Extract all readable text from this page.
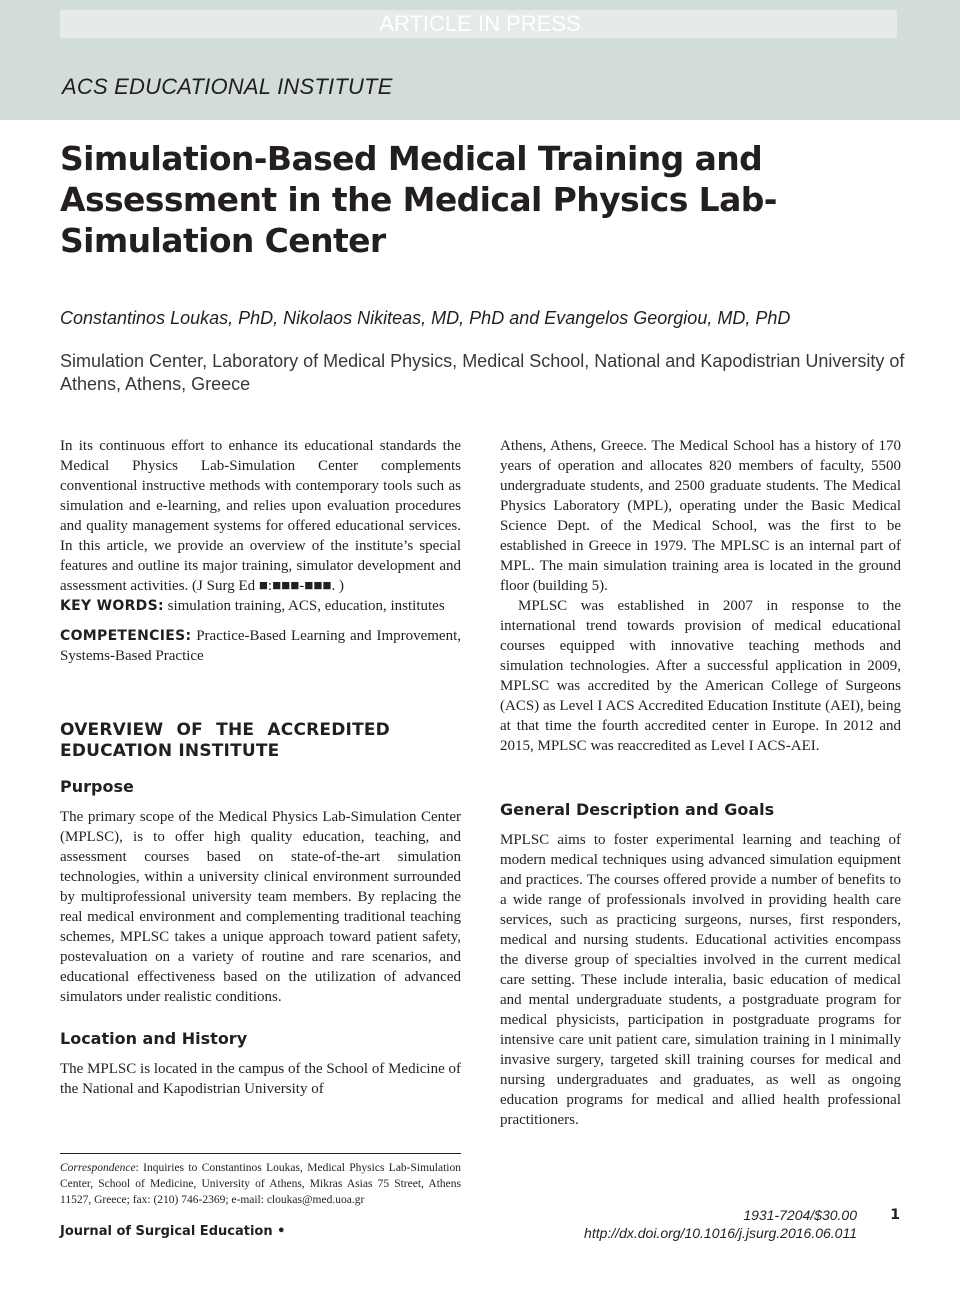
ARTICLE IN PRESS
ACS EDUCATIONAL INSTITUTE
Simulation-Based Medical Training and Assessment in the Medical Physics Lab-Simulation Center
Constantinos Loukas, PhD, Nikolaos Nikiteas, MD, PhD and Evangelos Georgiou, MD, PhD
Simulation Center, Laboratory of Medical Physics, Medical School, National and Kapodistrian University of Athens, Athens, Greece

In its continuous effort to enhance its educational standards the Medical Physics Lab-Simulation Center complements conventional instructive methods with contemporary tools such as simulation and e-learning, and relies upon evaluation procedures and quality management systems for offered educational services. In this article, we provide an overview of the institute’s special features and outline its major training, simulator development and assessment activities. (J Surg Ed ■:■■■-■■■. )

KEY WORDS: simulation training, ACS, education, institutes

COMPETENCIES: Practice-Based Learning and Improvement, Systems-Based Practice

OVERVIEW OF THE ACCREDITED EDUCATION INSTITUTE
Purpose

The primary scope of the Medical Physics Lab-Simulation Center (MPLSC), is to offer high quality education, teaching, and assessment courses based on state-of-the-art simulation technologies, within a university clinical environment surrounded by multiprofessional university team members. By replacing the real medical environment and complementing traditional teaching schemes, MPLSC takes a unique approach toward patient safety, postevaluation on a variety of routine and rare scenarios, and educational effectiveness based on the utilization of advanced simulators under realistic conditions.

Location and History

The MPLSC is located in the campus of the School of Medicine of the National and Kapodistrian University of

Athens, Athens, Greece. The Medical School has a history of 170 years of operation and allocates 820 members of faculty, 5500 undergraduate students, and 2500 graduate students. The Medical Physics Laboratory (MPL), operating under the Basic Medical Science Dept. of the Medical School, was the first to be established in Greece in 1979. The MPLSC is an internal part of MPL. The main simulation training area is located in the ground floor (building 5).

MPLSC was established in 2007 in response to the international trend towards provision of medical educational courses equipped with innovative teaching methods and simulation technologies. After a successful application in 2009, MPLSC was accredited by the American College of Surgeons (ACS) as Level I ACS Accredited Education Institute (AEI), being at that time the fourth accredited center in Europe. In 2012 and 2015, MPLSC was reaccredited as Level I ACS-AEI.

General Description and Goals

MPLSC aims to foster experimental learning and teaching of modern medical techniques using advanced simulation equipment and practices. The courses offered provide a number of benefits to a wide range of professionals involved in providing health care services, such as practicing surgeons, nurses, first responders, medical and nursing students. Educational activities encompass the diverse group of specialties involved in the current medical care setting. These include interalia, basic education of medical and mental undergraduate students, a postgraduate program for medical physicists, participation in postgraduate programs for intensive care unit patient care, simulation training in l minimally invasive surgery, targeted skill training courses for medical and nursing undergraduates and graduates, as well as ongoing education programs for medical and allied health professional practitioners.

Correspondence: Inquiries to Constantinos Loukas, Medical Physics Lab-Simulation Center, School of Medicine, University of Athens, Mikras Asias 75 Street, Athens 11527, Greece; fax: (210) 746-2369; e-mail: cloukas@med.uoa.gr

Journal of Surgical Education •
1931-7204/$30.00
http://dx.doi.org/10.1016/j.jsurg.2016.06.011
1
